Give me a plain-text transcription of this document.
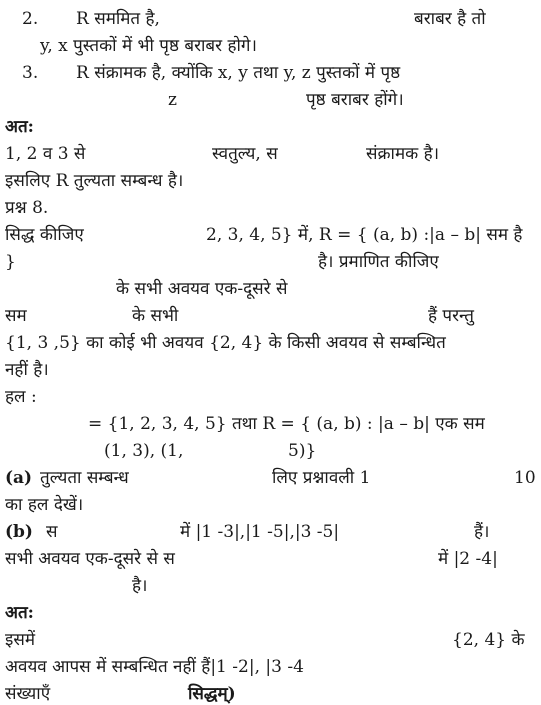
2. R सममित है,	बराबर है तो
y, x पुस्तकों में भी पृष्ठ बराबर होगे।
3. R संक्रामक है, क्योंकि x, y तथा y, z पुस्तकों में पृष्ठ
z	पृष्ठ बराबर होंगे।
अत:
1, 2 व 3 से	स्वतुल्य, स	संक्रामक है।
इसलिए R तुल्यता सम्बन्ध है।
प्रश्न 8.
सिद्ध कीजिए	2, 3, 4, 5} में, R = { (a, b) :|a – b| सम है
}	है। प्रमाणित कीजिए
के सभी अवयव एक-दूसरे से
सम	के सभी	हैं परन्तु
{1, 3 ,5} का कोई भी अवयव {2, 4} के किसी अवयव से सम्बन्धित
नहीं है।
हल :
= {1, 2, 3, 4, 5} तथा R = { (a, b) : |a – b| एक सम
(1, 3), (1,	5)}
(a) तुल्यता सम्बन्ध	लिए प्रश्नावली 1	10
का हल देखें।
(b) स	में |1 -3|,|1 -5|,|3 -5|	हैं।
सभी अवयव एक-दूसरे से स	में |2 -4|
है।
अत:
इसमें	{2, 4} के
अवयव आपस में सम्बन्धित नहीं हैं|1 -2|, |3 -4
संख्याएँ	सिद्धम्)
